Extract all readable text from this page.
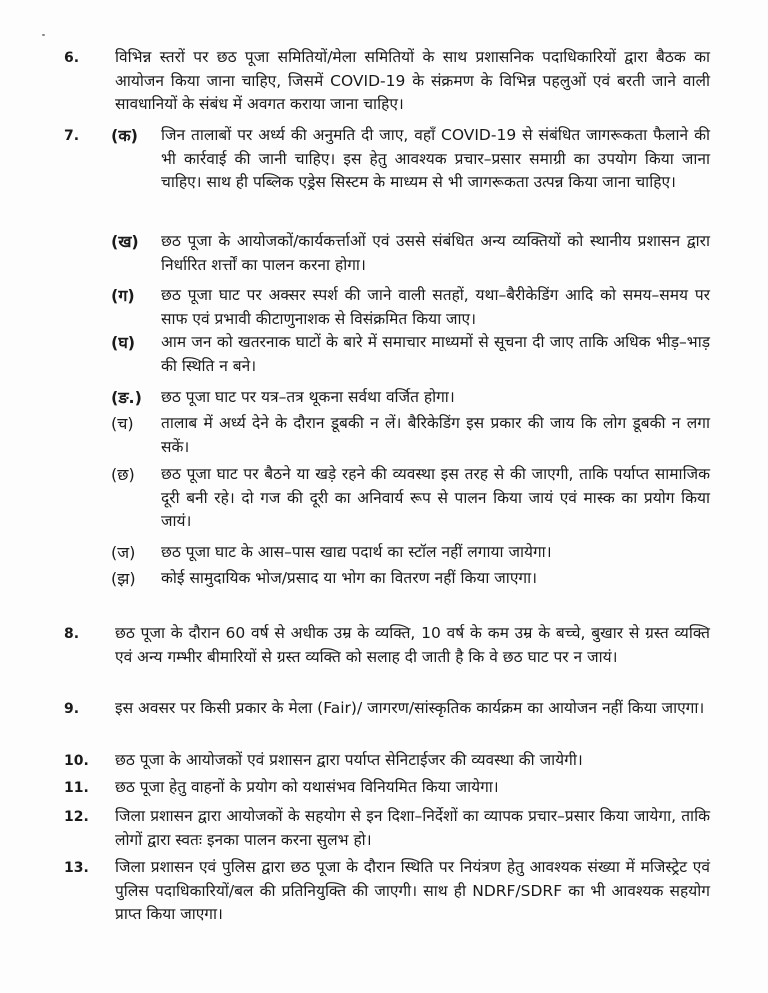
6. विभिन्न स्तरों पर छठ पूजा समितियों/मेला समितियों के साथ प्रशासनिक पदाधिकारियों द्वारा बैठक का आयोजन किया जाना चाहिए, जिसमें COVID-19 के संक्रमण के विभिन्न पहलुओं एवं बरती जाने वाली सावधानियों के संबंध में अवगत कराया जाना चाहिए।
7. (क) जिन तालाबों पर अर्ध्य की अनुमति दी जाए, वहाँ COVID-19 से संबंधित जागरूकता फैलाने की भी कार्रवाई की जानी चाहिए। इस हेतु आवश्यक प्रचार–प्रसार समाग्री का उपयोग किया जाना चाहिए। साथ ही पब्लिक एड्रेस सिस्टम के माध्यम से भी जागरूकता उत्पन्न किया जाना चाहिए।
(ख) छठ पूजा के आयोजकों/कार्यकर्त्ताओं एवं उससे संबंधित अन्य व्यक्तियों को स्थानीय प्रशासन द्वारा निर्धारित शर्त्तों का पालन करना होगा।
(ग) छठ पूजा घाट पर अक्सर स्पर्श की जाने वाली सतहों, यथा–बैरीकेडिंग आदि को समय–समय पर साफ एवं प्रभावी कीटाणुनाशक से विसंक्रमित किया जाए।
(घ) आम जन को खतरनाक घाटों के बारे में समाचार माध्यमों से सूचना दी जाए ताकि अधिक भीड़–भाड़ की स्थिति न बने।
(ङ.) छठ पूजा घाट पर यत्र–तत्र थूकना सर्वथा वर्जित होगा।
(च) तालाब में अर्ध्य देने के दौरान डूबकी न लें। बैरिकेडिंग इस प्रकार की जाय कि लोग डूबकी न लगा सकें।
(छ) छठ पूजा घाट पर बैठने या खड़े रहने की व्यवस्था इस तरह से की जाएगी, ताकि पर्याप्त सामाजिक दूरी बनी रहे। दो गज की दूरी का अनिवार्य रूप से पालन किया जायं एवं मास्क का प्रयोग किया जायं।
(ज) छठ पूजा घाट के आस–पास खाद्य पदार्थ का स्टॉल नहीं लगाया जायेगा।
(झ) कोई सामुदायिक भोज/प्रसाद या भोग का वितरण नहीं किया जाएगा।
8. छठ पूजा के दौरान 60 वर्ष से अधीक उम्र के व्यक्ति, 10 वर्ष के कम उम्र के बच्चे, बुखार से ग्रस्त व्यक्ति एवं अन्य गम्भीर बीमारियों से ग्रस्त व्यक्ति को सलाह दी जाती है कि वे छठ घाट पर न जायं।
9. इस अवसर पर किसी प्रकार के मेला (Fair)/ जागरण/सांस्कृतिक कार्यक्रम का आयोजन नहीं किया जाएगा।
10. छठ पूजा के आयोजकों एवं प्रशासन द्वारा पर्याप्त सेनिटाईजर की व्यवस्था की जायेगी।
11. छठ पूजा हेतु वाहनों के प्रयोग को यथासंभव विनियमित किया जायेगा।
12. जिला प्रशासन द्वारा आयोजकों के सहयोग से इन दिशा–निर्देशों का व्यापक प्रचार–प्रसार किया जायेगा, ताकि लोगों द्वारा स्वतः इनका पालन करना सुलभ हो।
13. जिला प्रशासन एवं पुलिस द्वारा छठ पूजा के दौरान स्थिति पर नियंत्रण हेतु आवश्यक संख्या में मजिस्ट्रेट एवं पुलिस पदाधिकारियों/बल की प्रतिनियुक्ति की जाएगी। साथ ही NDRF/SDRF का भी आवश्यक सहयोग प्राप्त किया जाएगा।
